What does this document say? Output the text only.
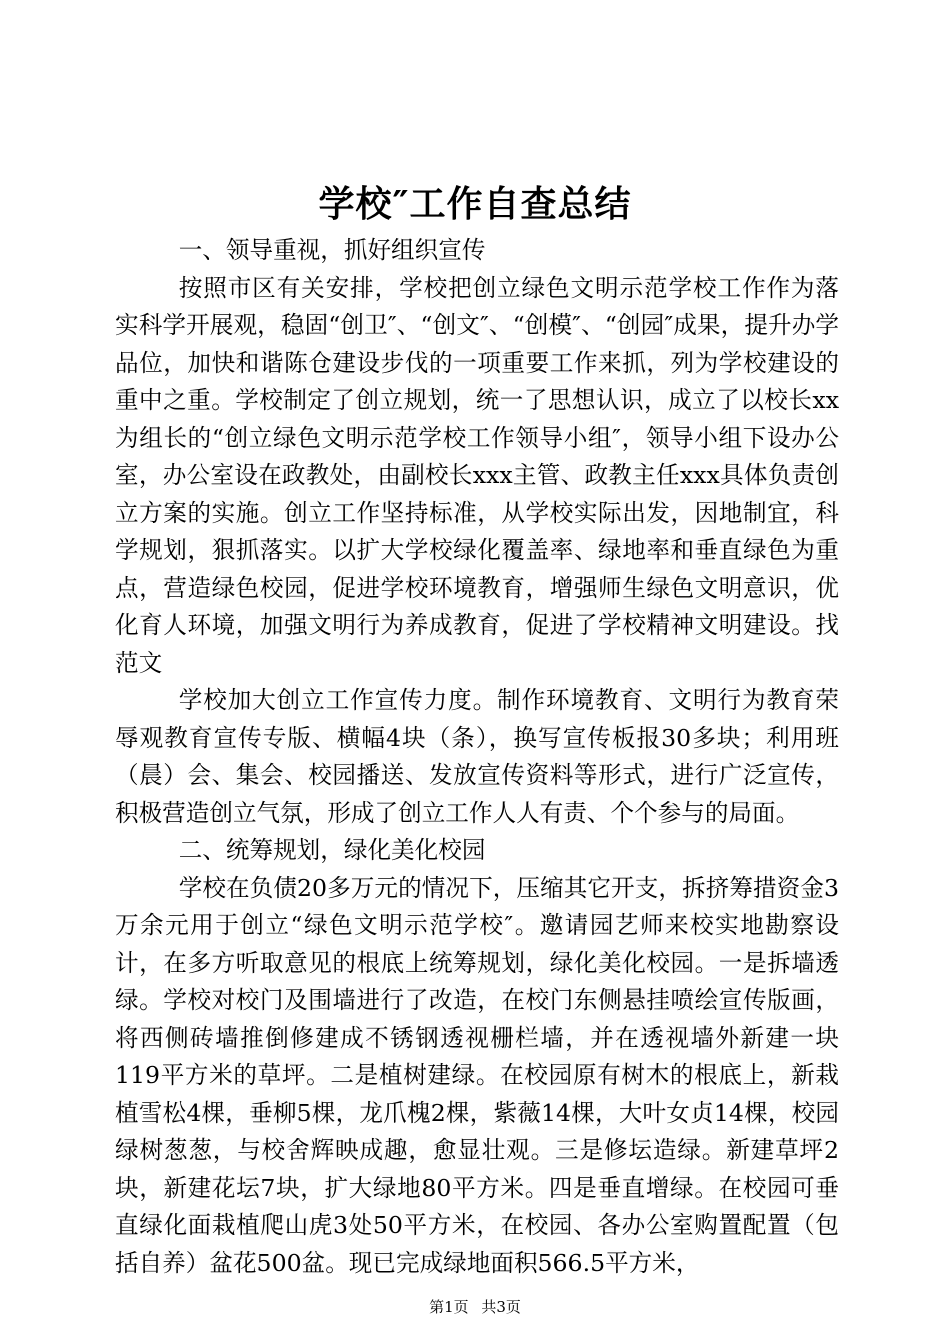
学校″工作自查总结

一、领导重视，抓好组织宣传

按照市区有关安排，学校把创立绿色文明示范学校工作作为落实科学开展观，稳固“创卫″、“创文″、“创模″、“创园″成果，提升办学品位，加快和谐陈仓建设步伐的一项重要工作来抓，列为学校建设的重中之重。学校制定了创立规划，统一了思想认识，成立了以校长xx为组长的“创立绿色文明示范学校工作领导小组″，领导小组下设办公室，办公室设在政教处，由副校长xxx主管、政教主任xxx具体负责创立方案的实施。创立工作坚持标准，从学校实际出发，因地制宜，科学规划，狠抓落实。以扩大学校绿化覆盖率、绿地率和垂直绿色为重点，营造绿色校园，促进学校环境教育，增强师生绿色文明意识，优化育人环境，加强文明行为养成教育，促进了学校精神文明建设。找范文

学校加大创立工作宣传力度。制作环境教育、文明行为教育荣辱观教育宣传专版、横幅4块（条），换写宣传板报30多块；利用班（晨）会、集会、校园播送、发放宣传资料等形式，进行广泛宣传，积极营造创立气氛，形成了创立工作人人有责、个个参与的局面。

二、统筹规划，绿化美化校园

学校在负债20多万元的情况下，压缩其它开支，拆挤筹措资金3万余元用于创立“绿色文明示范学校″。邀请园艺师来校实地勘察设计，在多方听取意见的根底上统筹规划，绿化美化校园。一是拆墙透绿。学校对校门及围墙进行了改造，在校门东侧悬挂喷绘宣传版画，将西侧砖墙推倒修建成不锈钢透视栅栏墙，并在透视墙外新建一块119平方米的草坪。二是植树建绿。在校园原有树木的根底上，新栽植雪松4棵，垂柳5棵，龙爪槐2棵，紫薇14棵，大叶女贞14棵，校园绿树葱葱，与校舍辉映成趣，愈显壮观。三是修坛造绿。新建草坪2块，新建花坛7块，扩大绿地80平方米。四是垂直增绿。在校园可垂直绿化面栽植爬山虎3处50平方米，在校园、各办公室购置配置（包括自养）盆花500盆。现已完成绿地面积566.5平方米，

第1页 共3页
